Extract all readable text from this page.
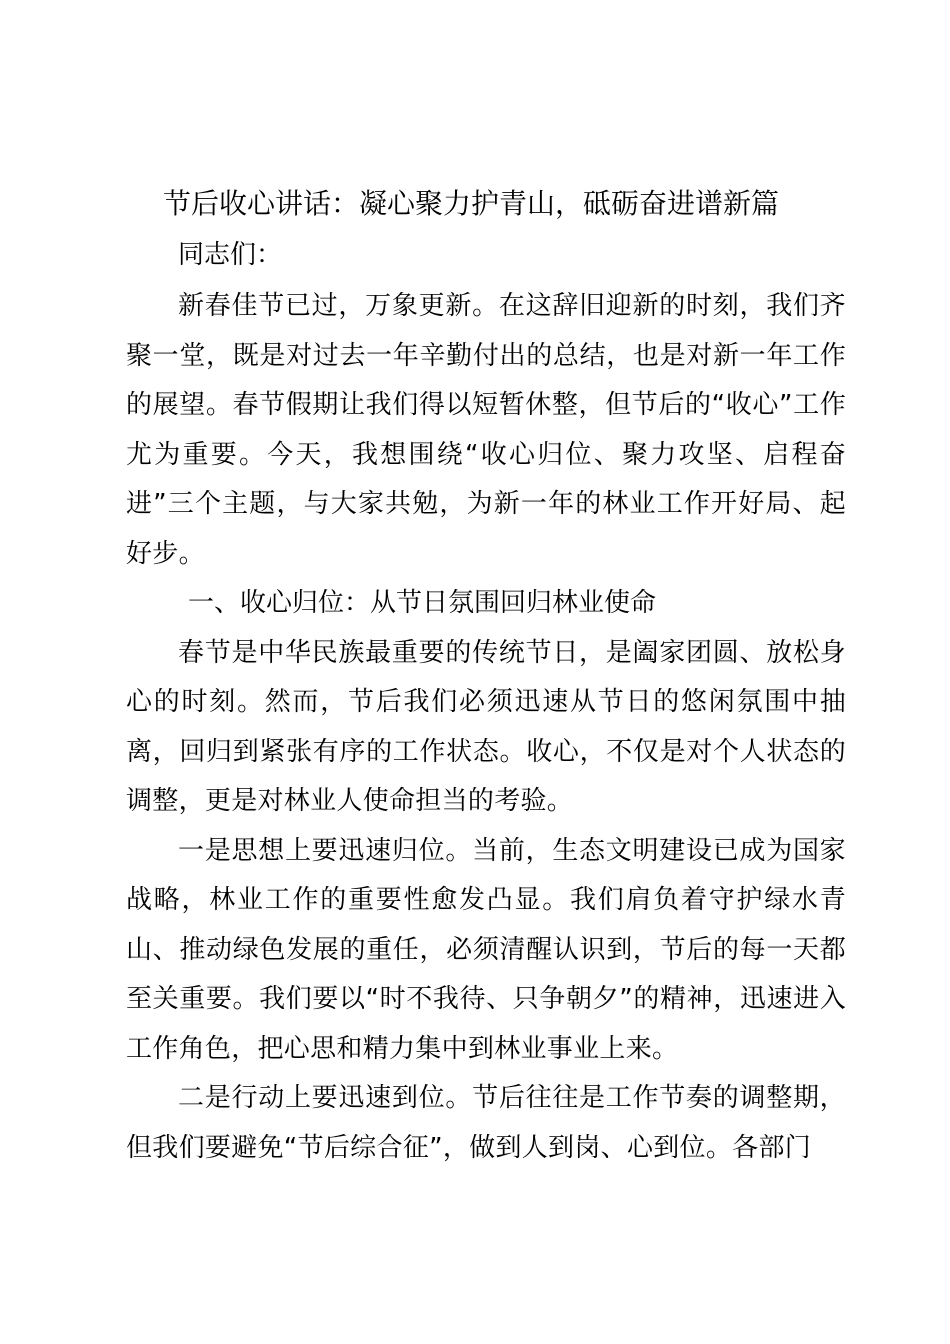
节后收心讲话：凝心聚力护青山，砥砺奋进谱新篇
同志们：

新春佳节已过，万象更新。在这辞旧迎新的时刻，我们齐聚一堂，既是对过去一年辛勤付出的总结，也是对新一年工作的展望。春节假期让我们得以短暂休整，但节后的“收心”工作尤为重要。今天，我想围绕“收心归位、聚力攻坚、启程奋进”三个主题，与大家共勉，为新一年的林业工作开好局、起好步。

一、收心归位：从节日氛围回归林业使命

春节是中华民族最重要的传统节日，是阖家团圆、放松身心的时刻。然而，节后我们必须迅速从节日的悠闲氛围中抽离，回归到紧张有序的工作状态。收心，不仅是对个人状态的调整，更是对林业人使命担当的考验。

一是思想上要迅速归位。当前，生态文明建设已成为国家战略，林业工作的重要性愈发凸显。我们肩负着守护绿水青山、推动绿色发展的重任，必须清醒认识到，节后的每一天都至关重要。我们要以“时不我待、只争朝夕”的精神，迅速进入工作角色，把心思和精力集中到林业事业上来。

二是行动上要迅速到位。节后往往是工作节奏的调整期，但我们要避免“节后综合征”，做到人到岗、心到位。各部门
